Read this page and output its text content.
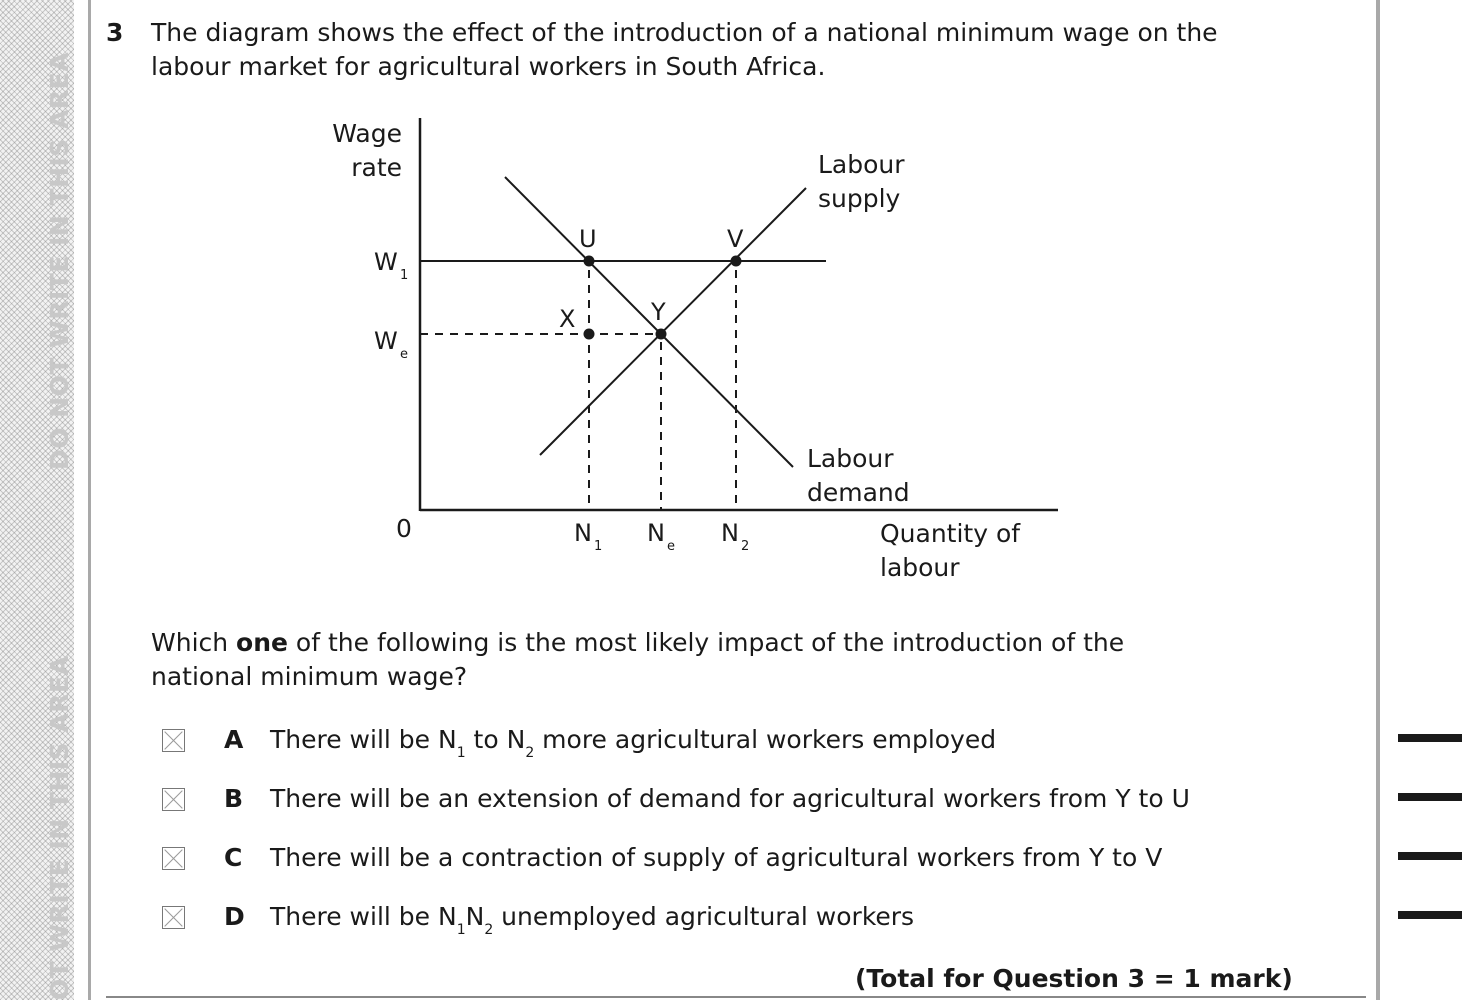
DO NOT WRITE IN THIS AREA
OT WRITE IN THIS AREA
3 The diagram shows the effect of the introduction of a national minimum wage on the
labour market for agricultural workers in South Africa.
Wage
rate
Quantity of
labour
0
W 1
W e
N 1 N e N 2
Labour
supply
Labour
demand
U	V
X	Y
Which one of the following is the most likely impact of the introduction of the
national minimum wage?
A There will be $N_1$ to $N_2$ more agricultural workers employed
B There will be an extension of demand for agricultural workers from Y to U
C There will be a contraction of supply of agricultural workers from Y to V
D There will be $N_1N_2$ unemployed agricultural workers
(Total for Question 3 = 1 mark)
